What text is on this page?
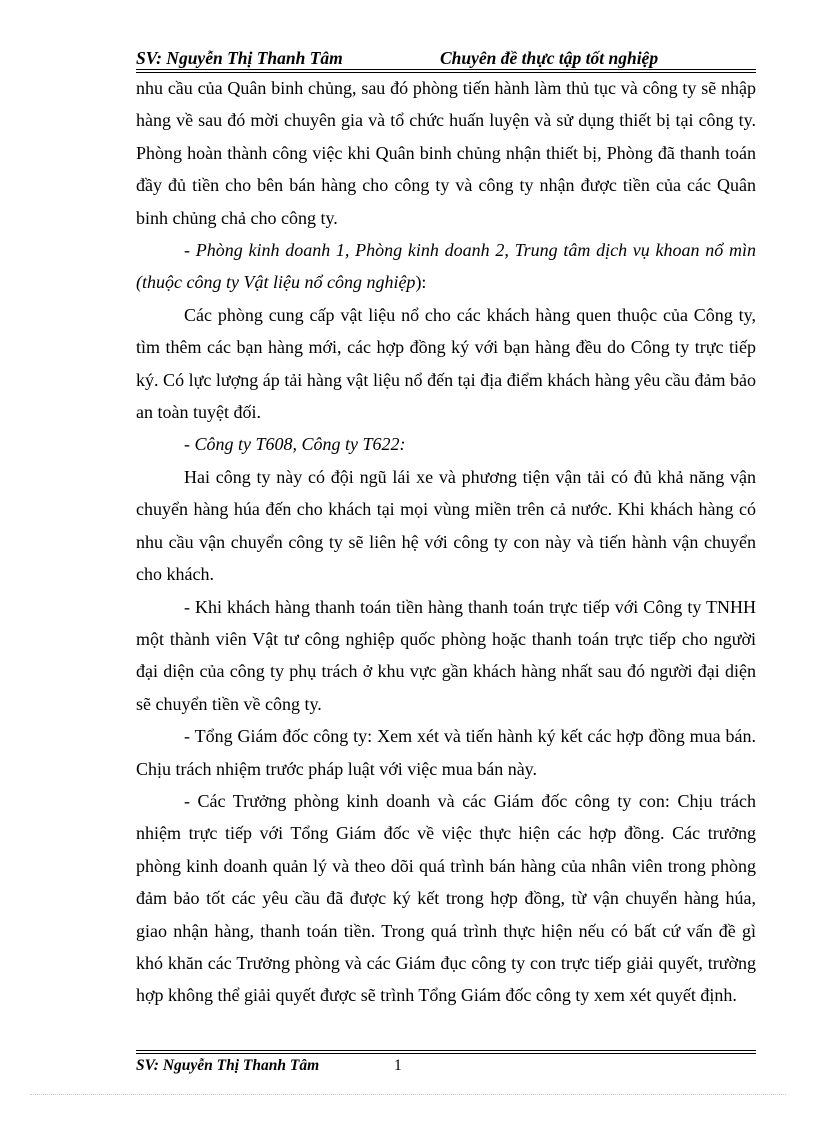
SV: Nguyễn Thị Thanh Tâm	Chuyên đề thực tập tốt nghiệp

nhu cầu của Quân binh chủng, sau đó phòng tiến hành làm thủ tục và công ty sẽ nhập hàng về sau đó mời chuyên gia và tổ chức huấn luyện và sử dụng thiết bị tại công ty. Phòng hoàn thành công việc khi Quân binh chủng nhận thiết bị, Phòng đã thanh toán đầy đủ tiền cho bên bán hàng cho công ty và công ty nhận được tiền của các Quân binh chủng chả cho công ty.

- Phòng kinh doanh 1, Phòng kinh doanh 2, Trung tâm dịch vụ khoan nổ mìn (thuộc công ty Vật liệu nổ công nghiệp):

Các phòng cung cấp vật liệu nổ cho các khách hàng quen thuộc của Công ty, tìm thêm các bạn hàng mới, các hợp đồng ký với bạn hàng đều do Công ty trực tiếp ký. Có lực lượng áp tải hàng vật liệu nổ đến tại địa điểm khách hàng yêu cầu đảm bảo an toàn tuyệt đối.

- Công ty T608, Công ty T622:

Hai công ty này có đội ngũ lái xe và phương tiện vận tải có đủ khả năng vận chuyển hàng húa đến cho khách tại mọi vùng miền trên cả nước. Khi khách hàng có nhu cầu vận chuyển công ty sẽ liên hệ với công ty con này và tiến hành vận chuyển cho khách.

- Khi khách hàng thanh toán tiền hàng thanh toán trực tiếp với Công ty TNHH một thành viên Vật tư công nghiệp quốc phòng hoặc thanh toán trực tiếp cho người đại diện của công ty phụ trách ở khu vực gần khách hàng nhất sau đó người đại diện sẽ chuyển tiền về công ty.

- Tổng Giám đốc công ty: Xem xét và tiến hành ký kết các hợp đồng mua bán. Chịu trách nhiệm trước pháp luật với việc mua bán này.

- Các Trưởng phòng kinh doanh và các Giám đốc công ty con: Chịu trách nhiệm trực tiếp với Tổng Giám đốc về việc thực hiện các hợp đồng. Các trưởng phòng kinh doanh quản lý và theo dõi quá trình bán hàng của nhân viên trong phòng đảm bảo tốt các yêu cầu đã được ký kết trong hợp đồng, từ vận chuyển hàng húa, giao nhận hàng, thanh toán tiền. Trong quá trình thực hiện nếu có bất cứ vấn đề gì khó khăn các Trưởng phòng và các Giám đục công ty con trực tiếp giải quyết, trường hợp không thể giải quyết được sẽ trình Tổng Giám đốc công ty xem xét quyết định.

SV: Nguyễn Thị Thanh Tâm	1
